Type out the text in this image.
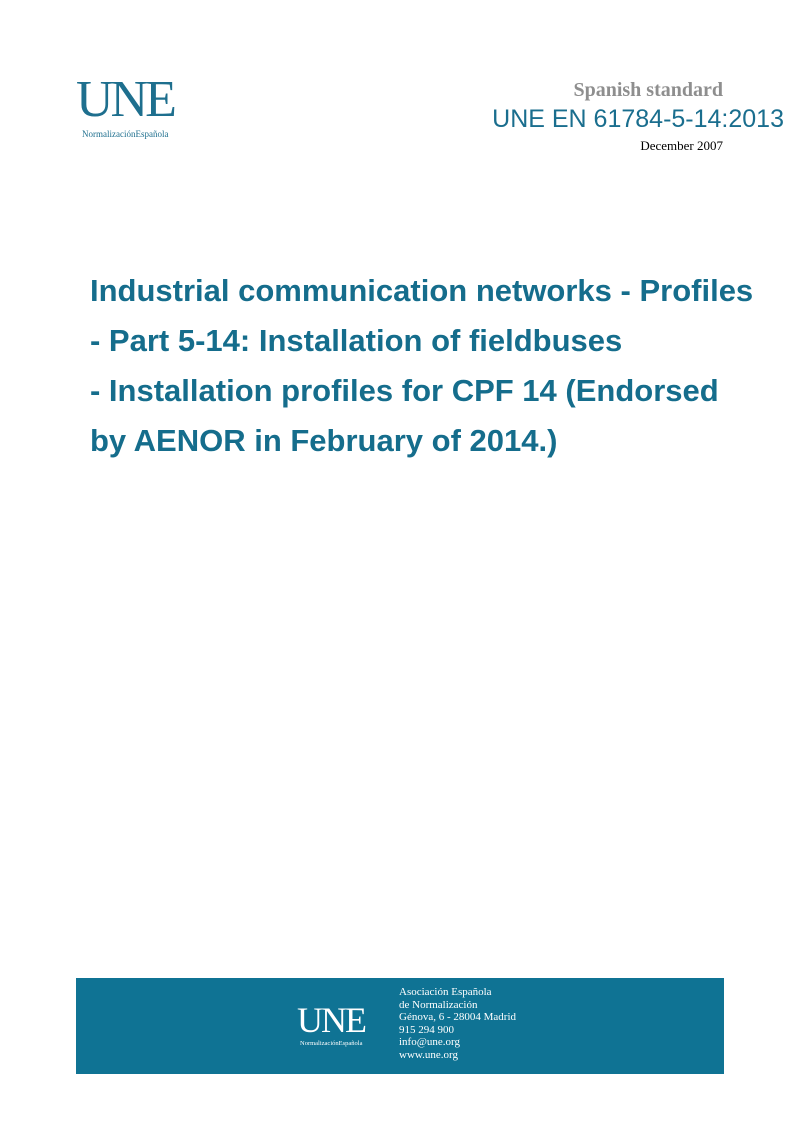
UNE
NormalizaciónEspañola
Spanish standard
UNE EN 61784-5-14:2013
December 2007
Industrial communication networks - Profiles
- Part 5-14: Installation of fieldbuses
- Installation profiles for CPF 14 (Endorsed
by AENOR in February of 2014.)
UNE
NormalizaciónEspañola
Asociación Española
de Normalización
Génova, 6 - 28004 Madrid
915 294 900
info@une.org
www.une.org
